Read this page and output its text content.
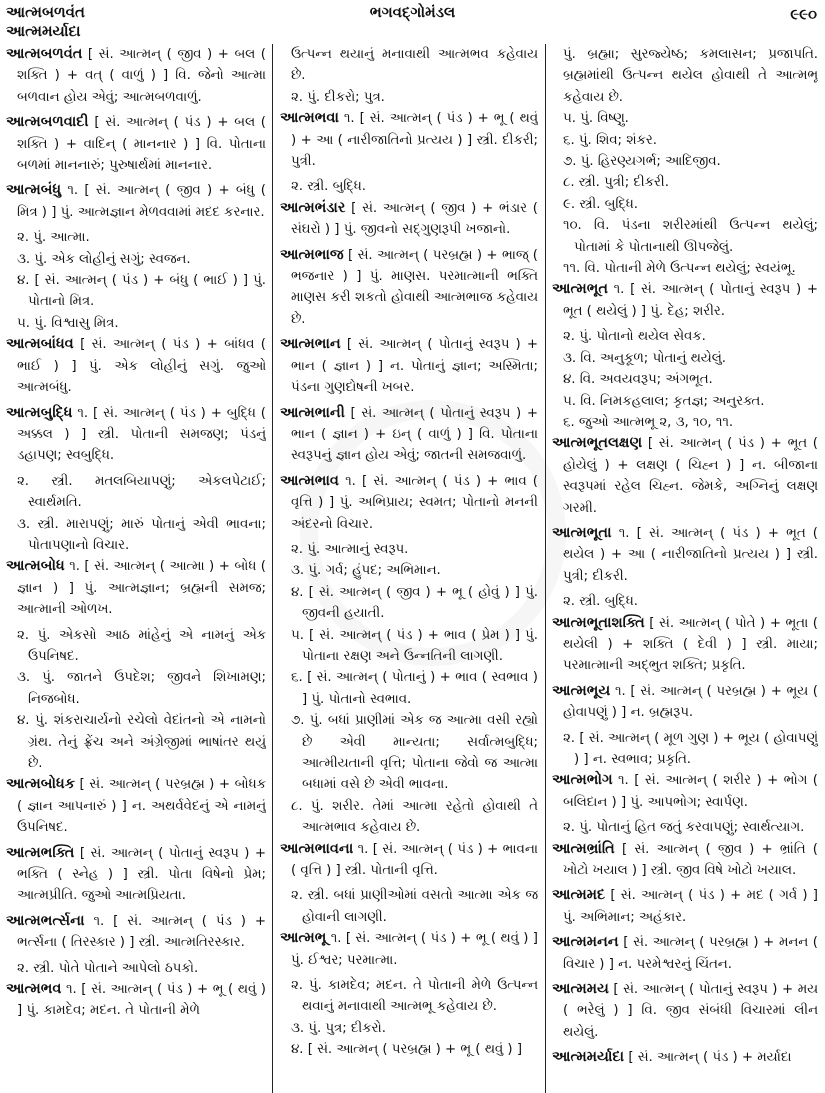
આત્મબળવંત
આત્મમર્યાદા
ભગવદ્ગોમંડલ	૯૯૦

આત્મબળવંત [ સં. આત્મન્ ( જીવ ) + બલ ( શક્તિ ) + વત્ ( વાળું ) ] વિ. જેનો આત્મા બળવાન હોય એવું; આત્મબળવાળું.

આત્મબળવાદી [ સં. આત્મન્ ( પંડ ) + બલ ( શક્તિ ) + વાદિન્ ( માનનાર ) ] વિ. પોતાના બળમાં માનનારું; પુરુષાર્થમાં માનનાર.

આત્મબંધુ ૧. [ સં. આત્મન્ ( જીવ ) + બંધુ ( મિત્ર ) ] પું. આત્મજ્ઞાન મેળવવામાં મદદ કરનાર.

૨. પું. આત્મા.

૩. પું. એક લોહીનું સગું; સ્વજન.

૪. [ સં. આત્મન્ ( પંડ ) + બંધુ ( ભાઈ ) ] પું. પોતાનો મિત્ર.

૫. પું. વિશ્વાસુ મિત્ર.

આત્મબાંધવ [ સં. આત્મન્ ( પંડ ) + બાંધવ ( ભાઈ ) ] પું. એક લોહીનું સગું. જુઓ આત્મબંધુ.

આત્મબુદ્ધિ ૧. [ સં. આત્મન્ ( પંડ ) + બુદ્ધિ ( અક્કલ ) ] સ્ત્રી. પોતાની સમજણ; પંડનું ડહાપણ; સ્વબુદ્ધિ.

૨. સ્ત્રી. મતલબિયાપણું; એકલપેટાઈ; સ્વાર્થમતિ.

૩. સ્ત્રી. મારાપણું; મારું પોતાનું એવી ભાવના; પોતાપણાનો વિચાર.

આત્મબોધ ૧. [ સં. આત્મન્ ( આત્મા ) + બોધ ( જ્ઞાન ) ] પું. આત્મજ્ઞાન; બ્રહ્મની સમજ; આત્માની ઓળખ.

૨. પું. એકસો આઠ માંહેનું એ નામનું એક ઉપનિષદ.

૩. પું. જાતને ઉપદેશ; જીવને શિખામણ; નિજબોધ.

૪. પું. શંકરાચાર્યનો રચેલો વેદાંતનો એ નામનો ગ્રંથ. તેનું ફ્રેંચ અને અંગ્રેજીમાં ભાષાંતર થયું છે.

આત્મબોધક [ સં. આત્મન્ ( પરબ્રહ્મ ) + બોધક ( જ્ઞાન આપનારું ) ] ન. અથર્વવેદનું એ નામનું ઉપનિષદ.

આત્મભક્તિ [ સં. આત્મન્ ( પોતાનું સ્વરૂપ ) + ભક્તિ ( સ્નેહ ) ] સ્ત્રી. પોતા વિષેનો પ્રેમ; આત્મપ્રીતિ. જુઓ આત્મપ્રિયતા.

આત્મભર્ત્સના ૧. [ સં. આત્મન્ ( પંડ ) + ભર્ત્સના ( તિરસ્કાર ) ] સ્ત્રી. આત્મતિરસ્કાર.

૨. સ્ત્રી. પોતે પોતાને આપેલો ઠપકો.

આત્મભવ ૧. [ સં. આત્મન્ ( પંડ ) + ભૂ ( થવું ) ] પું. કામદેવ; મદન. તે પોતાની મેળે

ઉત્પન્ન થયાનું મનાવાથી આત્મભવ કહેવાય છે.

૨. પું. દીકરો; પુત્ર.

આત્મભવા ૧. [ સં. આત્મન્ ( પંડ ) + ભૂ ( થવું ) + આ ( નારીજાતિનો પ્રત્યય ) ] સ્ત્રી. દીકરી; પુત્રી.

૨. સ્ત્રી. બુદ્ધિ.

આત્મભંડાર [ સં. આત્મન્ ( જીવ ) + ભંડાર ( સંઘરો ) ] પું. જીવનો સદ્ગુણરૂપી ખજાનો.

આત્મભાજ [ સં. આત્મન્ ( પરબ્રહ્મ ) + ભાજ્ ( ભજનાર ) ] પું. માણસ. પરમાત્માની ભક્તિ માણસ કરી શકતો હોવાથી આત્મભાજ કહેવાય છે.

આત્મભાન [ સં. આત્મન્ ( પોતાનું સ્વરૂપ ) + ભાન ( જ્ઞાન ) ] ન. પોતાનું જ્ઞાન; અસ્મિતા; પંડના ગુણદોષની ખબર.

આત્મભાની [ સં. આત્મન્ ( પોતાનું સ્વરૂપ ) + ભાન ( જ્ઞાન ) + ઇન્ ( વાળું ) ] વિ. પોતાના સ્વરૂપનું જ્ઞાન હોય એવું; જાતની સમજવાળું.

આત્મભાવ ૧. [ સં. આત્મન્ ( પંડ ) + ભાવ ( વૃત્તિ ) ] પું. અભિપ્રાય; સ્વમત; પોતાનો મનની અંદરનો વિચાર.

૨. પું. આત્માનું સ્વરૂપ.

૩. પું. ગર્વ; હુંપદ; અભિમાન.

૪. [ સં. આત્મન્ ( જીવ ) + ભૂ ( હોવું ) ] પું. જીવની હયાતી.

૫. [ સં. આત્મન્ ( પંડ ) + ભાવ ( પ્રેમ ) ] પું. પોતાના રક્ષણ અને ઉન્નતિની લાગણી.

૬. [ સં. આત્મન્ ( પોતાનું ) + ભાવ ( સ્વભાવ ) ] પું. પોતાનો સ્વભાવ.

૭. પું. બધાં પ્રાણીમાં એક જ આત્મા વસી રહ્યો છે એવી માન્યતા; સર્વાત્મબુદ્ધિ; આત્મીયતાની વૃત્તિ; પોતાના જેવો જ આત્મા બધામાં વસે છે એવી ભાવના.

૮. પું. શરીર. તેમાં આત્મા રહેતો હોવાથી તે આત્મભાવ કહેવાય છે.

આત્મભાવના ૧. [ સં. આત્મન્ ( પંડ ) + ભાવના ( વૃત્તિ ) ] સ્ત્રી. પોતાની વૃત્તિ.

૨. સ્ત્રી. બધાં પ્રાણીઓમાં વસતો આત્મા એક જ હોવાની લાગણી.

આત્મભૂ ૧. [ સં. આત્મન્ ( પંડ ) + ભૂ ( થવું ) ] પું. ઈશ્વર; પરમાત્મા.

૨. પું. કામદેવ; મદન. તે પોતાની મેળે ઉત્પન્ન થવાનું મનાવાથી આત્મભૂ કહેવાય છે.

૩. પું. પુત્ર; દીકરો.

૪. [ સં. આત્મન્ ( પરબ્રહ્મ ) + ભૂ ( થવું ) ]

પું. બ્રહ્મા; સુરજ્યેષ્ઠ; કમલાસન; પ્રજાપતિ. બ્રહ્મમાંથી ઉત્પન્ન થયેલ હોવાથી તે આત્મભૂ કહેવાય છે.

૫. પું. વિષ્ણુ.

૬. પું. શિવ; શંકર.

૭. પું. હિરણ્યગર્ભ; આદિજીવ.

૮. સ્ત્રી. પુત્રી; દીકરી.

૯. સ્ત્રી. બુદ્ધિ.

૧૦. વિ. પંડના શરીરમાંથી ઉત્પન્ન થયેલું; પોતામાં કે પોતાનાથી ઊપજેલું.

૧૧. વિ. પોતાની મેળે ઉત્પન્ન થયેલું; સ્વયંભૂ.

આત્મભૂત ૧. [ સં. આત્મન્ ( પોતાનું સ્વરૂપ ) + ભૂત ( થયેલું ) ] પું. દેહ; શરીર.

૨. પું. પોતાનો થયેલ સેવક.

૩. વિ. અનુકૂળ; પોતાનું થયેલું.

૪. વિ. અવયવરૂપ; અંગભૂત.

૫. વિ. નિમકહલાલ; કૃતજ્ઞ; અનુરક્ત.

૬. જુઓ આત્મભૂ ૨, ૩, ૧૦, ૧૧.

આત્મભૂતલક્ષણ [ સં. આત્મન્ ( પંડ ) + ભૂત ( હોયેલું ) + લક્ષણ ( ચિહ્ન ) ] ન. બીજાના સ્વરૂપમાં રહેલ ચિહ્ન. જેમકે, અગ્નિનું લક્ષણ ગરમી.

આત્મભૂતા ૧. [ સં. આત્મન્ ( પંડ ) + ભૂત ( થયેલ ) + આ ( નારીજાતિનો પ્રત્યય ) ] સ્ત્રી. પુત્રી; દીકરી.

૨. સ્ત્રી. બુદ્ધિ.

આત્મભૂતાશક્તિ [ સં. આત્મન્ ( પોતે ) + ભૂતા ( થયેલી ) + શક્તિ ( દેવી ) ] સ્ત્રી. માયા; પરમાત્માની અદ્ભુત શક્તિ; પ્રકૃતિ.

આત્મભૂય ૧. [ સં. આત્મન્ ( પરબ્રહ્મ ) + ભૂય ( હોવાપણું ) ] ન. બ્રહ્મરૂપ.

૨. [ સં. આત્મન્ ( મૂળ ગુણ ) + ભૂય ( હોવાપણું ) ] ન. સ્વભાવ; પ્રકૃતિ.

આત્મભોગ ૧. [ સં. આત્મન્ ( શરીર ) + ભોગ ( બલિદાન ) ] પું. આપભોગ; સ્વાર્પણ.

૨. પું. પોતાનું હિત જતું કરવાપણું; સ્વાર્થત્યાગ.

આત્મભ્રાંતિ [ સં. આત્મન્ ( જીવ ) + ભ્રાંતિ ( ખોટો ખયાલ ) ] સ્ત્રી. જીવ વિષે ખોટો ખયાલ.

આત્મમદ [ સં. આત્મન્ ( પંડ ) + મદ ( ગર્વ ) ] પું. અભિમાન; અહંકાર.

આત્મમનન [ સં. આત્મન્ ( પરબ્રહ્મ ) + મનન ( વિચાર ) ] ન. પરમેશ્વરનું ચિંતન.

આત્મમય [ સં. આત્મન્ ( પોતાનું સ્વરૂપ ) + મય ( ભરેલું ) ] વિ. જીવ સંબંધી વિચારમાં લીન થયેલું.

આત્મમર્યાદા [ સં. આત્મન્ ( પંડ ) + મર્યાદા
